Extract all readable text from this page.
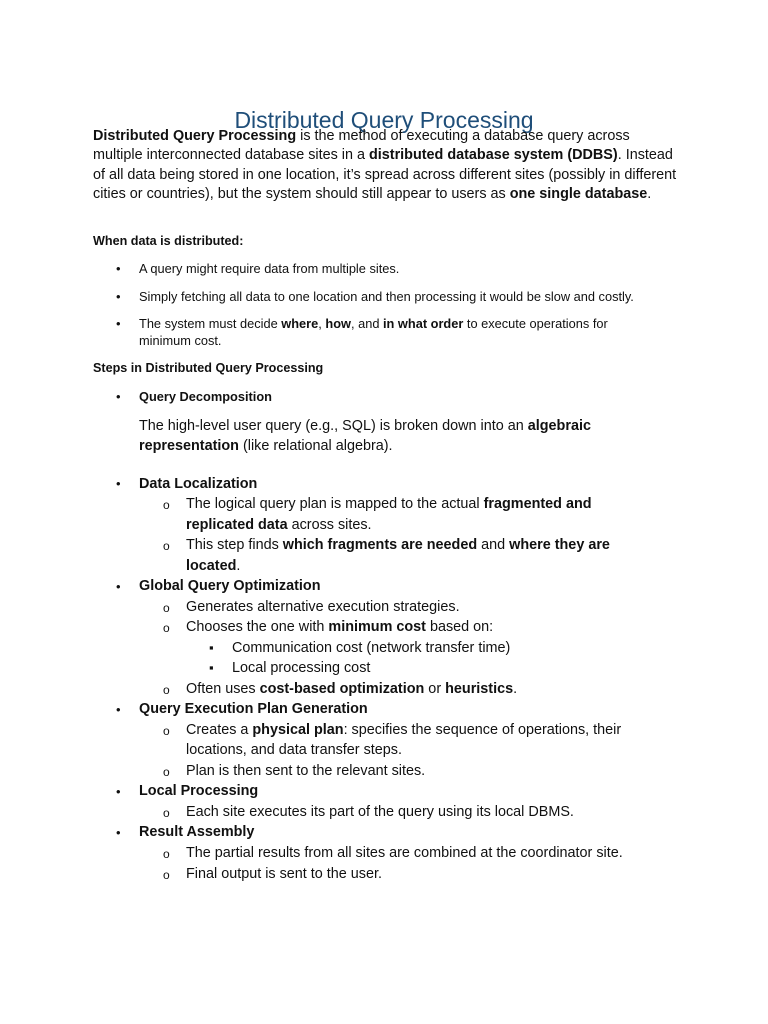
Distributed Query Processing

Distributed Query Processing is the method of executing a database query across multiple interconnected database sites in a distributed database system (DDBS). Instead of all data being stored in one location, it’s spread across different sites (possibly in different cities or countries), but the system should still appear to users as one single database.

When data is distributed:

•

A query might require data from multiple sites.

•

Simply fetching all data to one location and then processing it would be slow and costly.

•

The system must decide where, how, and in what order to execute operations for

minimum cost.

Steps in Distributed Query Processing

•

Query Decomposition

The high-level user query (e.g., SQL) is broken down into an algebraic

representation (like relational algebra).

•

Data Localization

o

The logical query plan is mapped to the actual fragmented and

replicated data across sites.

o

This step finds which fragments are needed and where they are

located.

•

Global Query Optimization

o

Generates alternative execution strategies.

o

Chooses the one with minimum cost based on:

▪

Communication cost (network transfer time)

▪

Local processing cost

o

Often uses cost-based optimization or heuristics.

•

Query Execution Plan Generation

o

Creates a physical plan: specifies the sequence of operations, their

locations, and data transfer steps.

o

Plan is then sent to the relevant sites.

•

Local Processing

o

Each site executes its part of the query using its local DBMS.

•

Result Assembly

o

The partial results from all sites are combined at the coordinator site.

o

Final output is sent to the user.
